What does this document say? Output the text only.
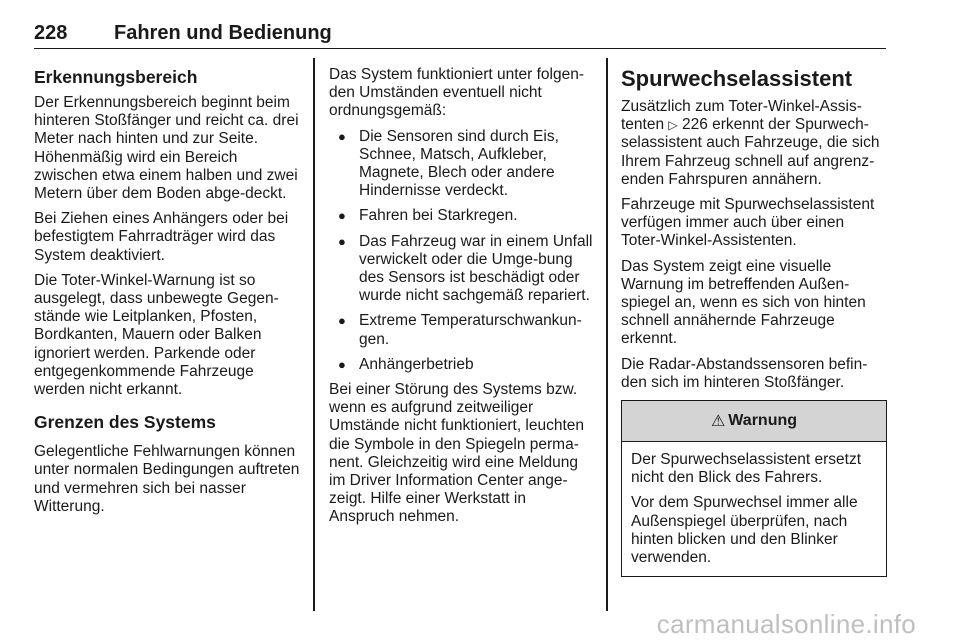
228 Fahren und Bedienung
Erkennungsbereich

Der Erkennungsbereich beginnt beim hinteren Stoßfänger und reicht ca. drei Meter nach hinten und zur Seite. Höhenmäßig wird ein Bereich zwischen etwa einem halben und zwei Metern über dem Boden abge-deckt.

Bei Ziehen eines Anhängers oder bei befestigtem Fahrradträger wird das System deaktiviert.

Die Toter-Winkel-Warnung ist so ausgelegt, dass unbewegte Gegen-stände wie Leitplanken, Pfosten, Bordkanten, Mauern oder Balken ignoriert werden. Parkende oder entgegenkommende Fahrzeuge werden nicht erkannt.

Grenzen des Systems

Gelegentliche Fehlwarnungen können unter normalen Bedingungen auftreten und vermehren sich bei nasser Witterung.

Das System funktioniert unter folgen-den Umständen eventuell nicht ordnungsgemäß:

● Die Sensoren sind durch Eis, Schnee, Matsch, Aufkleber, Magnete, Blech oder andere Hindernisse verdeckt.
● Fahren bei Starkregen.
● Das Fahrzeug war in einem Unfall verwickelt oder die Umge-bung des Sensors ist beschädigt oder wurde nicht sachgemäß repariert.
● Extreme Temperaturschwankun-gen.
● Anhängerbetrieb

Bei einer Störung des Systems bzw. wenn es aufgrund zeitweiliger Umstände nicht funktioniert, leuchten die Symbole in den Spiegeln perma-nent. Gleichzeitig wird eine Meldung im Driver Information Center ange-zeigt. Hilfe einer Werkstatt in Anspruch nehmen.

Spurwechselassistent

Zusätzlich zum Toter-Winkel-Assis-tenten ▷ 226 erkennt der Spurwech-selassistent auch Fahrzeuge, die sich Ihrem Fahrzeug schnell auf angrenz-enden Fahrspuren annähern.

Fahrzeuge mit Spurwechselassistent verfügen immer auch über einen Toter-Winkel-Assistenten.

Das System zeigt eine visuelle Warnung im betreffenden Außen-spiegel an, wenn es sich von hinten schnell annähernde Fahrzeuge erkennt.

Die Radar-Abstandssensoren befin-den sich im hinteren Stoßfänger.

⚠ Warnung

Der Spurwechselassistent ersetzt nicht den Blick des Fahrers.

Vor dem Spurwechsel immer alle Außenspiegel überprüfen, nach hinten blicken und den Blinker verwenden.

carmanualsonline.info
